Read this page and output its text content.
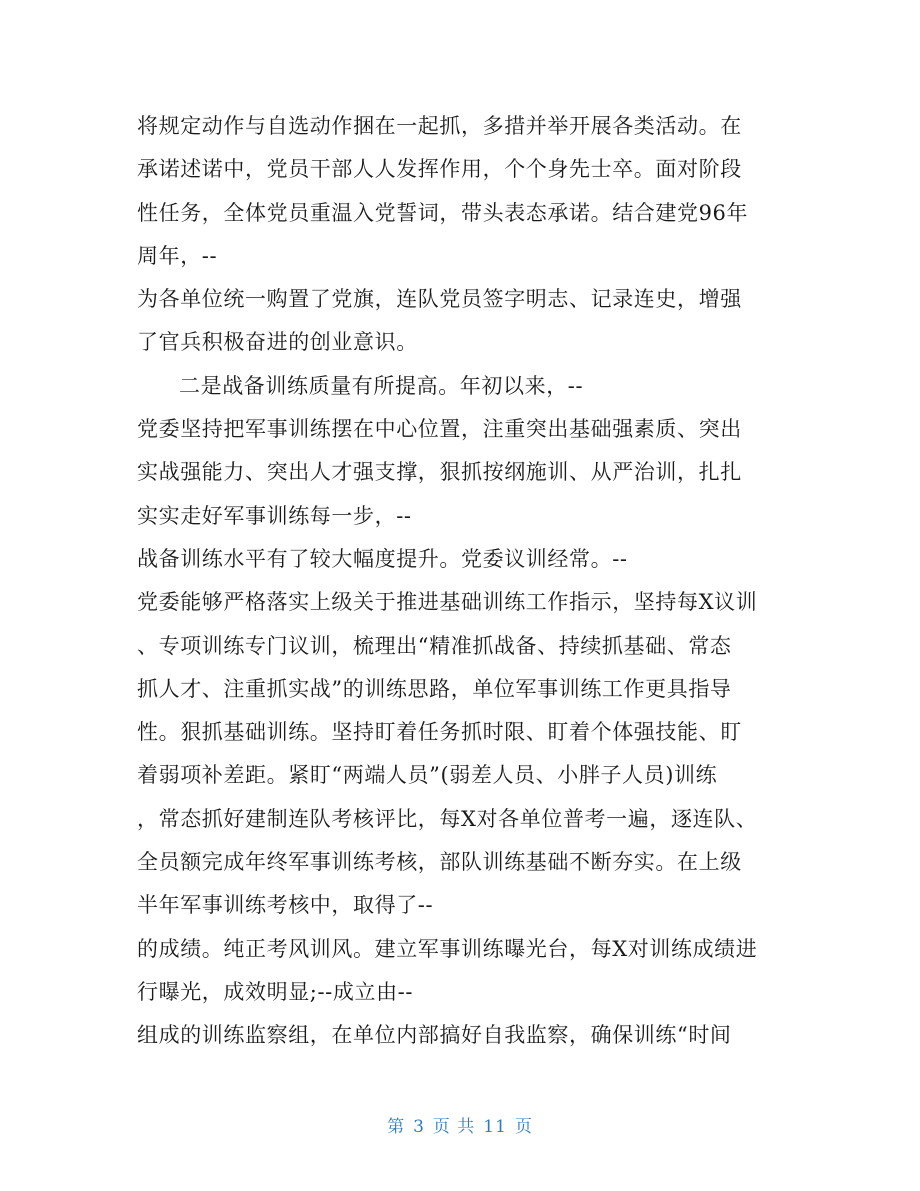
将规定动作与自选动作捆在一起抓，多措并举开展各类活动。在
承诺述诺中，党员干部人人发挥作用，个个身先士卒。面对阶段
性任务，全体党员重温入党誓词，带头表态承诺。结合建党96年
周年，--
为各单位统一购置了党旗，连队党员签字明志、记录连史，增强
了官兵积极奋进的创业意识。
二是战备训练质量有所提高。年初以来，--
党委坚持把军事训练摆在中心位置，注重突出基础强素质、突出
实战强能力、突出人才强支撑，狠抓按纲施训、从严治训，扎扎
实实走好军事训练每一步，--
战备训练水平有了较大幅度提升。党委议训经常。--
党委能够严格落实上级关于推进基础训练工作指示，坚持每X议训
、专项训练专门议训，梳理出“精准抓战备、持续抓基础、常态
抓人才、注重抓实战”的训练思路，单位军事训练工作更具指导
性。狠抓基础训练。坚持盯着任务抓时限、盯着个体强技能、盯
着弱项补差距。紧盯“两端人员”(弱差人员、小胖子人员)训练
，常态抓好建制连队考核评比，每X对各单位普考一遍，逐连队、
全员额完成年终军事训练考核，部队训练基础不断夯实。在上级
半年军事训练考核中，取得了--
的成绩。纯正考风训风。建立军事训练曝光台，每X对训练成绩进
行曝光，成效明显;--成立由--
组成的训练监察组，在单位内部搞好自我监察，确保训练“时间
第 3 页 共 11 页
